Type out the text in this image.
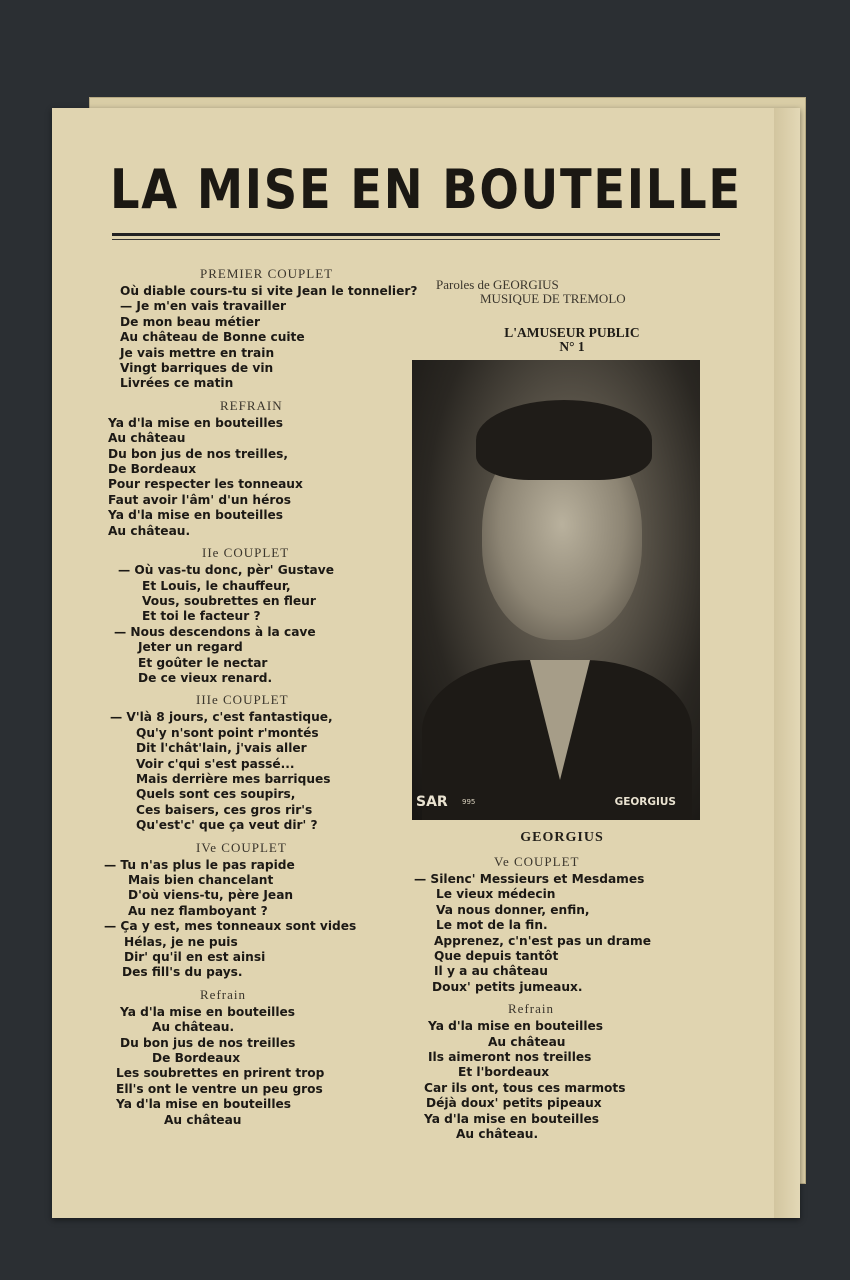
LA MISE EN BOUTEILLE
PREMIER COUPLET
Où diable cours-tu si vite Jean le tonnelier?
— Je m'en vais travailler
De mon beau métier
Au château de Bonne cuite
Je vais mettre en train
Vingt barriques de vin
Livrées ce matin
REFRAIN
Ya d'la mise en bouteilles
Au château
Du bon jus de nos treilles,
De Bordeaux
Pour respecter les tonneaux
Faut avoir l'âm' d'un héros
Ya d'la mise en bouteilles
Au château.
IIe COUPLET
— Où vas-tu donc, pèr' Gustave
Et Louis, le chauffeur,
Vous, soubrettes en fleur
Et toi le facteur ?
— Nous descendons à la cave
Jeter un regard
Et goûter le nectar
De ce vieux renard.
IIIe COUPLET
— V'là 8 jours, c'est fantastique,
Qu'y n'sont point r'montés
Dit l'chât'lain, j'vais aller
Voir c'qui s'est passé...
Mais derrière mes barriques
Quels sont ces soupirs,
Ces baisers, ces gros rir's
Qu'est'c' que ça veut dir' ?
IVe COUPLET
— Tu n'as plus le pas rapide
Mais bien chancelant
D'où viens-tu, père Jean
Au nez flamboyant ?
— Ça y est, mes tonneaux sont vides
Hélas, je ne puis
Dir' qu'il en est ainsi
Des fill's du pays.
Refrain
Ya d'la mise en bouteilles
Au château.
Du bon jus de nos treilles
De Bordeaux
Les soubrettes en prirent trop
Ell's ont le ventre un peu gros
Ya d'la mise en bouteilles
Au château
Paroles de GEORGIUS
MUSIQUE DE TREMOLO
L'AMUSEUR PUBLIC
N° 1
SAR 995	GEORGIUS
GEORGIUS
Ve COUPLET
— Silenc' Messieurs et Mesdames
Le vieux médecin
Va nous donner, enfin,
Le mot de la fin.
Apprenez, c'n'est pas un drame
Que depuis tantôt
Il y a au château
Doux' petits jumeaux.
Refrain
Ya d'la mise en bouteilles
Au château
Ils aimeront nos treilles
Et l'bordeaux
Car ils ont, tous ces marmots
Déjà doux' petits pipeaux
Ya d'la mise en bouteilles
Au château.
